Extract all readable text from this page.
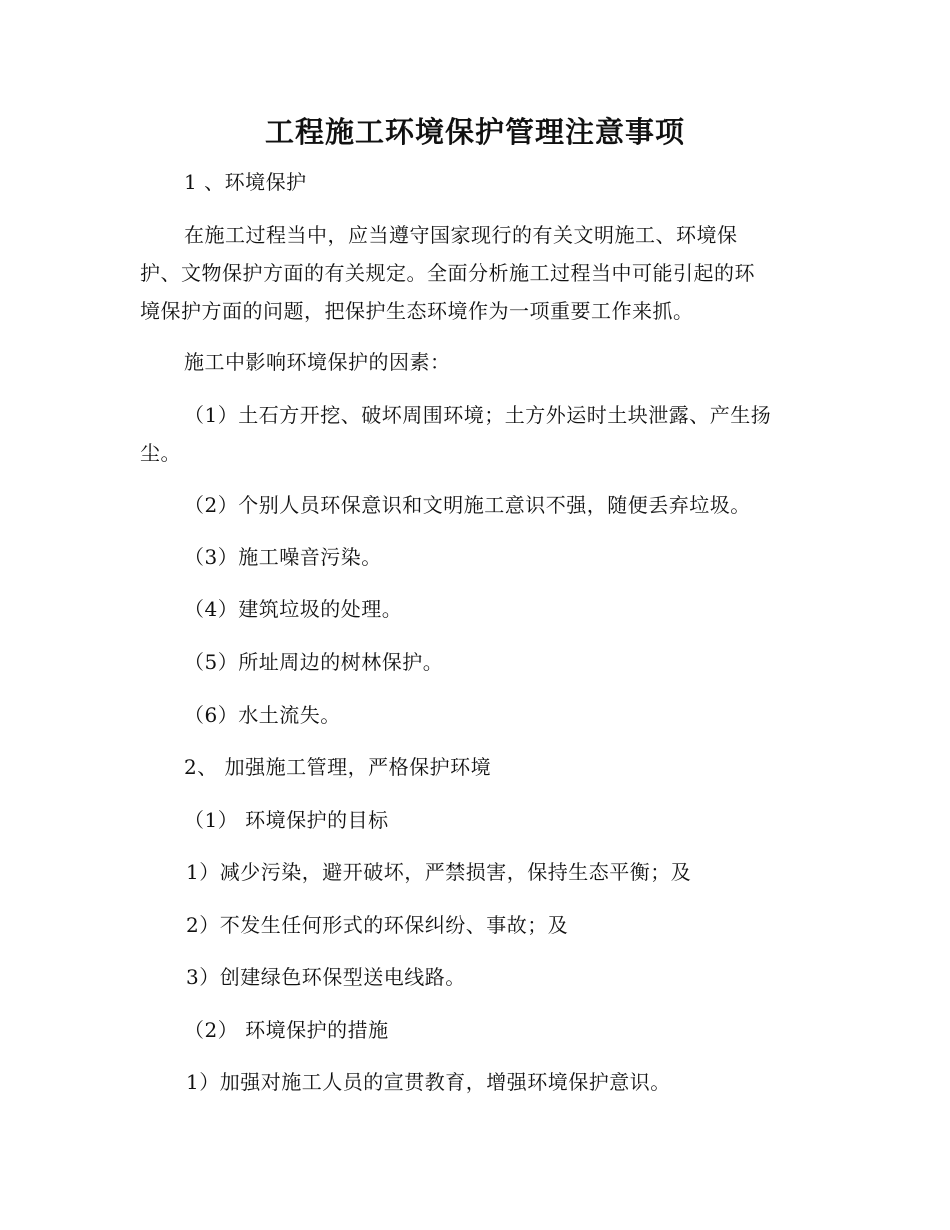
工程施工环境保护管理注意事项

1 、环境保护

在施工过程当中，应当遵守国家现行的有关文明施工、环境保
护、文物保护方面的有关规定。全面分析施工过程当中可能引起的环
境保护方面的问题，把保护生态环境作为一项重要工作来抓。

施工中影响环境保护的因素：

（1）土石方开挖、破坏周围环境；土方外运时土块泄露、产生扬
尘。

（2）个别人员环保意识和文明施工意识不强，随便丢弃垃圾。

（3）施工噪音污染。

（4）建筑垃圾的处理。

（5）所址周边的树林保护。

（6）水土流失。

2、 加强施工管理，严格保护环境

（1） 环境保护的目标

1）减少污染，避开破坏，严禁损害，保持生态平衡；及

2）不发生任何形式的环保纠纷、事故；及

3）创建绿色环保型送电线路。

（2） 环境保护的措施

1）加强对施工人员的宣贯教育，增强环境保护意识。
